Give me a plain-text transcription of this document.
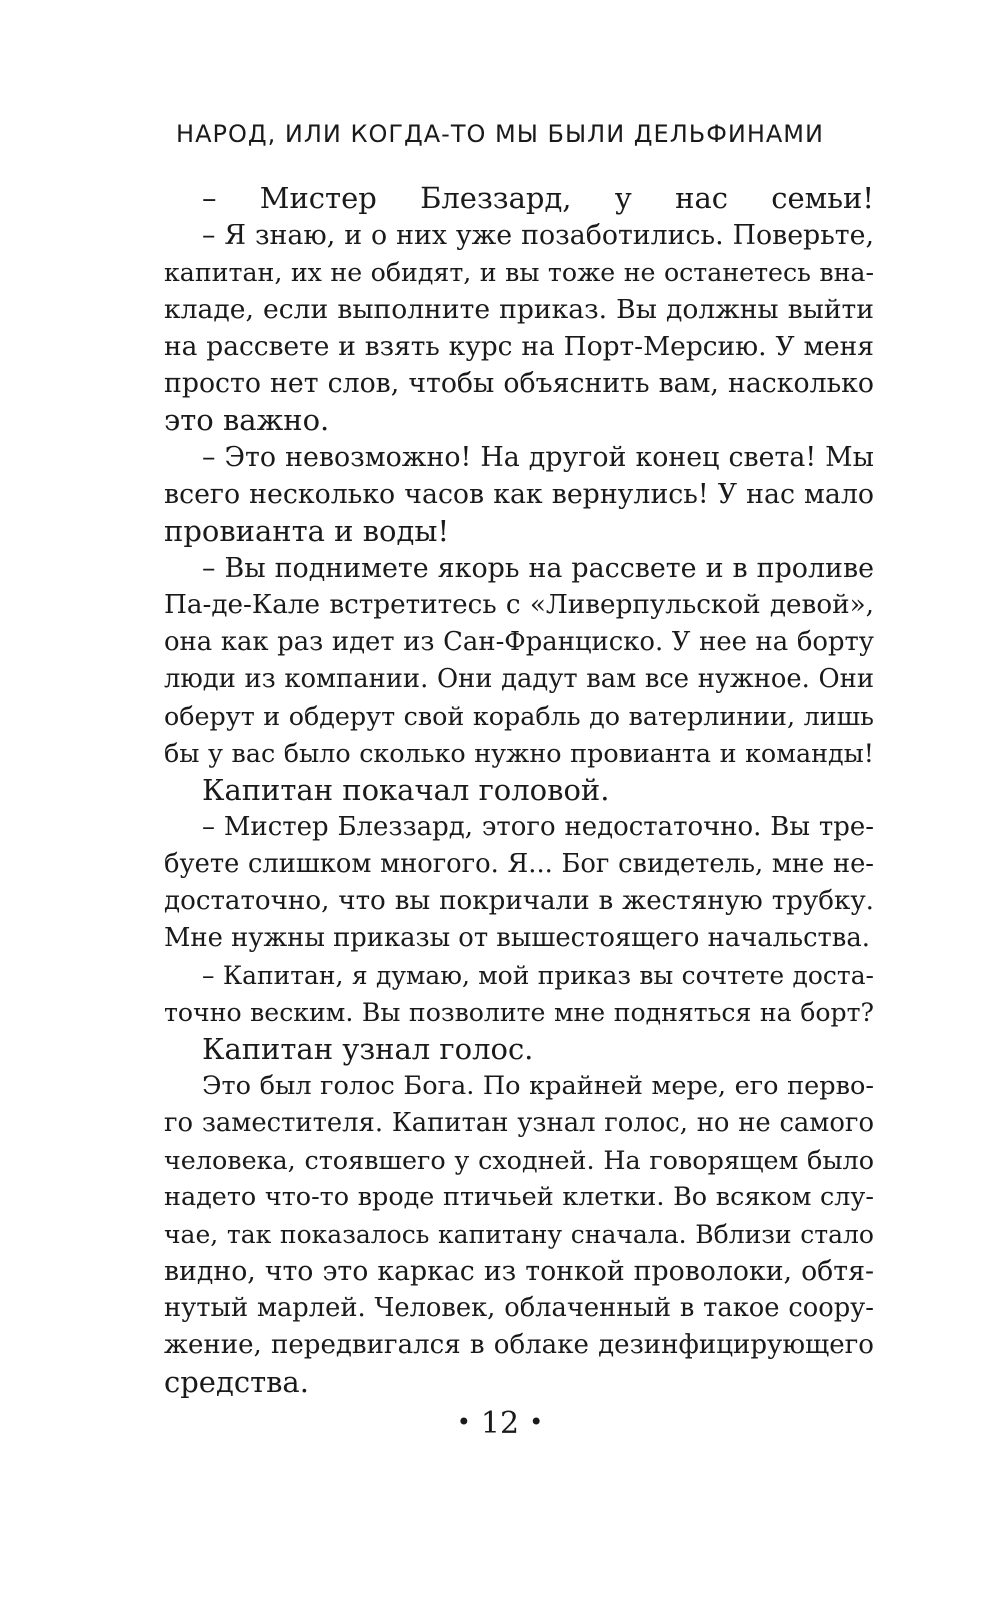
НАРОД, ИЛИ КОГДА-ТО МЫ БЫЛИ ДЕЛЬФИНАМИ
– Мистер Блеззард, у нас семьи!
– Я знаю, и о них уже позаботились. Поверьте,
капитан, их не обидят, и вы тоже не останетесь вна-
кладе, если выполните приказ. Вы должны выйти
на рассвете и взять курс на Порт-Мерсию. У меня
просто нет слов, чтобы объяснить вам, насколько
это важно.
– Это невозможно! На другой конец света! Мы
всего несколько часов как вернулись! У нас мало
провианта и воды!
– Вы поднимете якорь на рассвете и в проливе
Па-де-Кале встретитесь с «Ливерпульской девой»,
она как раз идет из Сан-Франциско. У нее на борту
люди из компании. Они дадут вам все нужное. Они
оберут и обдерут свой корабль до ватерлинии, лишь
бы у вас было сколько нужно провианта и команды!
Капитан покачал головой.
– Мистер Блеззард, этого недостаточно. Вы тре-
буете слишком многого. Я... Бог свидетель, мне не-
достаточно, что вы покричали в жестяную трубку.
Мне нужны приказы от вышестоящего начальства.
– Капитан, я думаю, мой приказ вы сочтете доста-
точно веским. Вы позволите мне подняться на борт?
Капитан узнал голос.
Это был голос Бога. По крайней мере, его перво-
го заместителя. Капитан узнал голос, но не самого
человека, стоявшего у сходней. На говорящем было
надето что-то вроде птичьей клетки. Во всяком слу-
чае, так показалось капитану сначала. Вблизи стало
видно, что это каркас из тонкой проволоки, обтя-
нутый марлей. Человек, облаченный в такое соору-
жение, передвигался в облаке дезинфицирующего
средства.
• 12 •
